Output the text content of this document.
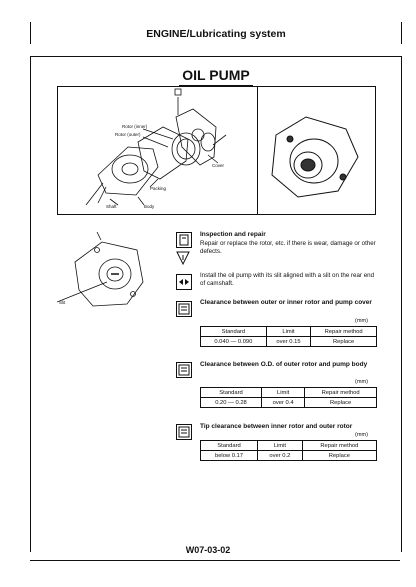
ENGINE/Lubricating system
OIL PUMP
Rotor (inner)
Rotor (outer)
Cover
Packing
Shaft	Body
Slit
Inspection and repair
Repair or replace the rotor, etc. if there is wear, damage or other defects.
Install the oil pump with its slit aligned with a slit on the rear end of camshaft.
Clearance between outer or inner rotor and pump cover
(mm)
Standard	Limit	Repair method
0.040 — 0.090	over 0.15	Replace
Clearance between O.D. of outer rotor and pump body
(mm)
Standard	Limit	Repair method
0.20 — 0.28	over 0.4	Replace
Tip clearance between inner rotor and outer rotor
(mm)
Standard	Limit	Repair method
below 0.17	over 0.2	Replace
W07-03-02
